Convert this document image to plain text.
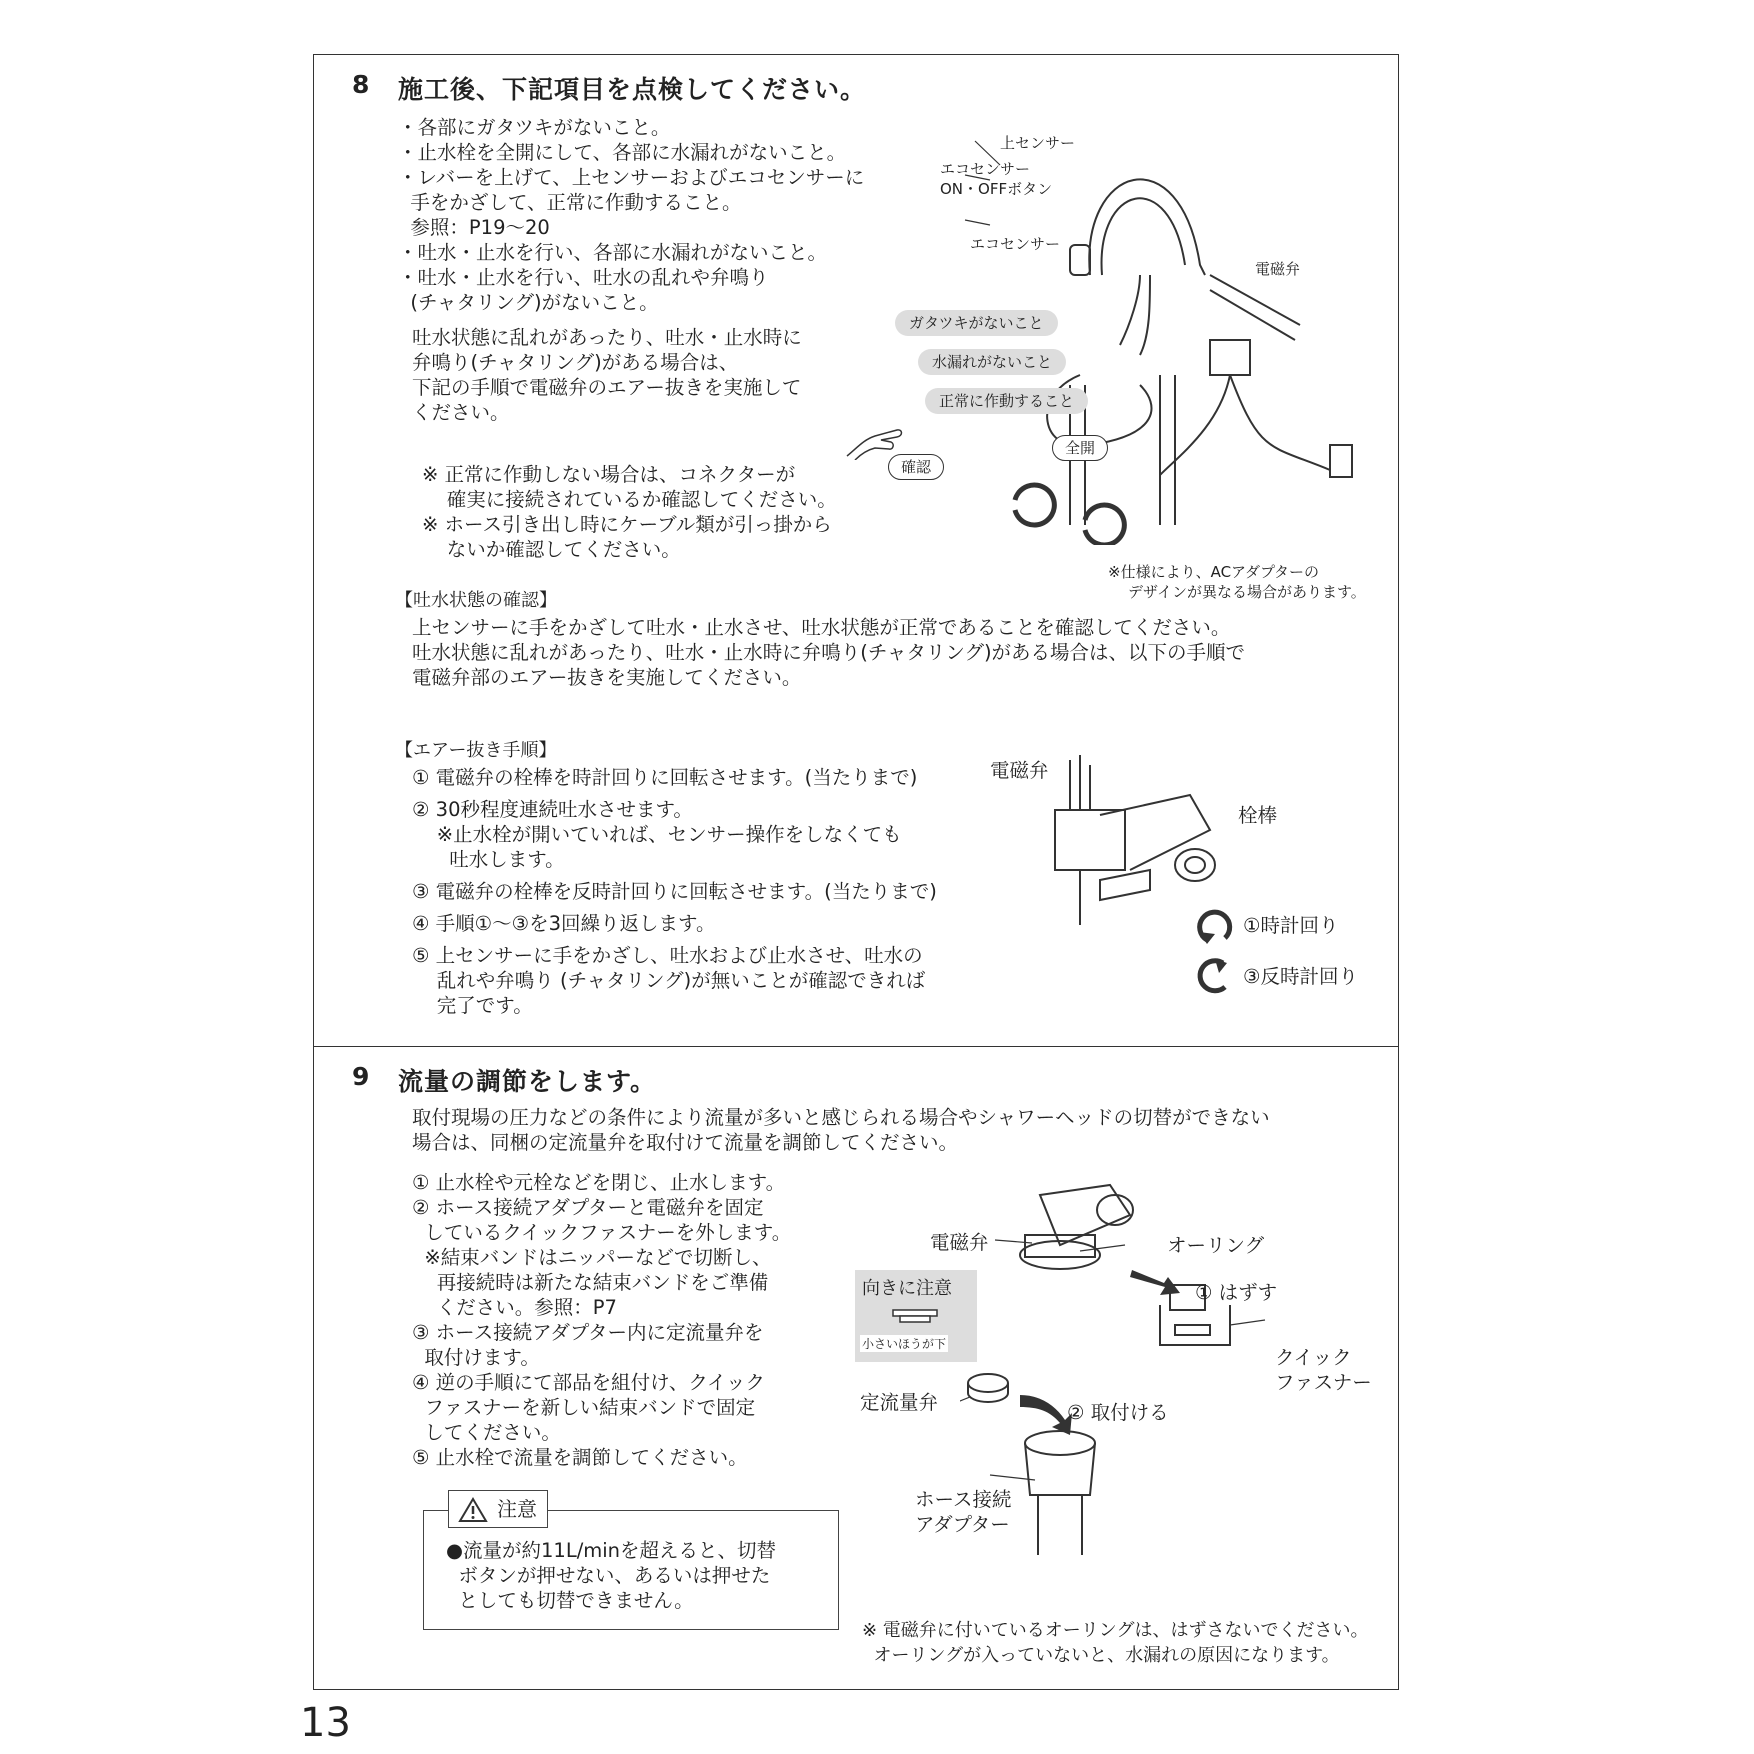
8 施工後、下記項目を点検してください。
・各部にガタツキがないこと。
・止水栓を全開にして、各部に水漏れがないこと。
・レバーを上げて、上センサーおよびエコセンサーに
手をかざして、正常に作動すること。
参照：P19～20
・吐水・止水を行い、各部に水漏れがないこと。
・吐水・止水を行い、吐水の乱れや弁鳴り
(チャタリング)がないこと。
吐水状態に乱れがあったり、吐水・止水時に
弁鳴り(チャタリング)がある場合は、
下記の手順で電磁弁のエアー抜きを実施して
ください。
※ 正常に作動しない場合は、コネクターが
確実に接続されているか確認してください。
※ ホース引き出し時にケーブル類が引っ掛から
ないか確認してください。
上センサー
エコセンサー
ON・OFFボタン
エコセンサー
電磁弁
ガタツキがないこと
水漏れがないこと
正常に作動すること
確認
全開
※仕様により、ACアダプターの
デザインが異なる場合があります。
【吐水状態の確認】
上センサーに手をかざして吐水・止水させ、吐水状態が正常であることを確認してください。
吐水状態に乱れがあったり、吐水・止水時に弁鳴り(チャタリング)がある場合は、以下の手順で
電磁弁部のエアー抜きを実施してください。
【エアー抜き手順】
① 電磁弁の栓棒を時計回りに回転させます。(当たりまで)
② 30秒程度連続吐水させます。
※止水栓が開いていれば、センサー操作をしなくても
吐水します。
③ 電磁弁の栓棒を反時計回りに回転させます。(当たりまで)
④ 手順①～③を3回繰り返します。
⑤ 上センサーに手をかざし、吐水および止水させ、吐水の
乱れや弁鳴り (チャタリング)が無いことが確認できれば
完了です。
電磁弁
栓棒
①時計回り
③反時計回り
9 流量の調節をします。
取付現場の圧力などの条件により流量が多いと感じられる場合やシャワーヘッドの切替ができない
場合は、同梱の定流量弁を取付けて流量を調節してください。
① 止水栓や元栓などを閉じ、止水します。
② ホース接続アダプターと電磁弁を固定
しているクイックファスナーを外します。
※結束バンドはニッパーなどで切断し、
再接続時は新たな結束バンドをご準備
ください。参照：P7
③ ホース接続アダプター内に定流量弁を
取付けます。
④ 逆の手順にて部品を組付け、クイック
ファスナーを新しい結束バンドで固定
してください。
⑤ 止水栓で流量を調節してください。
注意
●流量が約11L/minを超えると、切替
ボタンが押せない、あるいは押せた
としても切替できません。
向きに注意
小さいほうが下
電磁弁	オーリング
① はずす
クイック
ファスナー
定流量弁	② 取付ける
ホース接続
アダプター
※ 電磁弁に付いているオーリングは、はずさないでください。
オーリングが入っていないと、水漏れの原因になります。
13
